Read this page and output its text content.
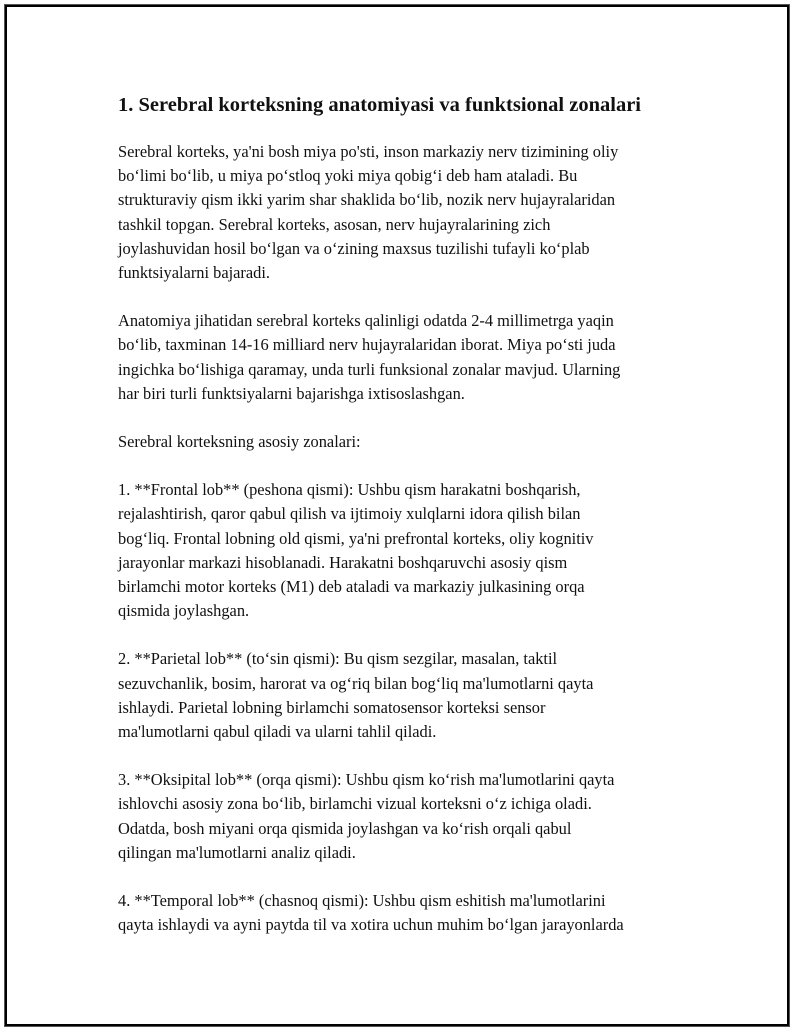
1. Serebral korteksning anatomiyasi va funktsional zonalari

Serebral korteks, ya'ni bosh miya po'sti, inson markaziy nerv tizimining oliy
bo‘limi bo‘lib, u miya po‘stloq yoki miya qobig‘i deb ham ataladi. Bu
strukturaviy qism ikki yarim shar shaklida bo‘lib, nozik nerv hujayralaridan
tashkil topgan. Serebral korteks, asosan, nerv hujayralarining zich
joylashuvidan hosil bo‘lgan va o‘zining maxsus tuzilishi tufayli ko‘plab
funktsiyalarni bajaradi.

Anatomiya jihatidan serebral korteks qalinligi odatda 2-4 millimetrga yaqin
bo‘lib, taxminan 14-16 milliard nerv hujayralaridan iborat. Miya po‘sti juda
ingichka bo‘lishiga qaramay, unda turli funksional zonalar mavjud. Ularning
har biri turli funktsiyalarni bajarishga ixtisoslashgan.

Serebral korteksning asosiy zonalari:

1. **Frontal lob** (peshona qismi): Ushbu qism harakatni boshqarish,
rejalashtirish, qaror qabul qilish va ijtimoiy xulqlarni idora qilish bilan
bog‘liq. Frontal lobning old qismi, ya'ni prefrontal korteks, oliy kognitiv
jarayonlar markazi hisoblanadi. Harakatni boshqaruvchi asosiy qism
birlamchi motor korteks (M1) deb ataladi va markaziy julkasining orqa
qismida joylashgan.

2. **Parietal lob** (to‘sin qismi): Bu qism sezgilar, masalan, taktil
sezuvchanlik, bosim, harorat va og‘riq bilan bog‘liq ma'lumotlarni qayta
ishlaydi. Parietal lobning birlamchi somatosensor korteksi sensor
ma'lumotlarni qabul qiladi va ularni tahlil qiladi.

3. **Oksipital lob** (orqa qismi): Ushbu qism ko‘rish ma'lumotlarini qayta
ishlovchi asosiy zona bo‘lib, birlamchi vizual korteksni o‘z ichiga oladi.
Odatda, bosh miyani orqa qismida joylashgan va ko‘rish orqali qabul
qilingan ma'lumotlarni analiz qiladi.

4. **Temporal lob** (chasnoq qismi): Ushbu qism eshitish ma'lumotlarini
qayta ishlaydi va ayni paytda til va xotira uchun muhim bo‘lgan jarayonlarda
